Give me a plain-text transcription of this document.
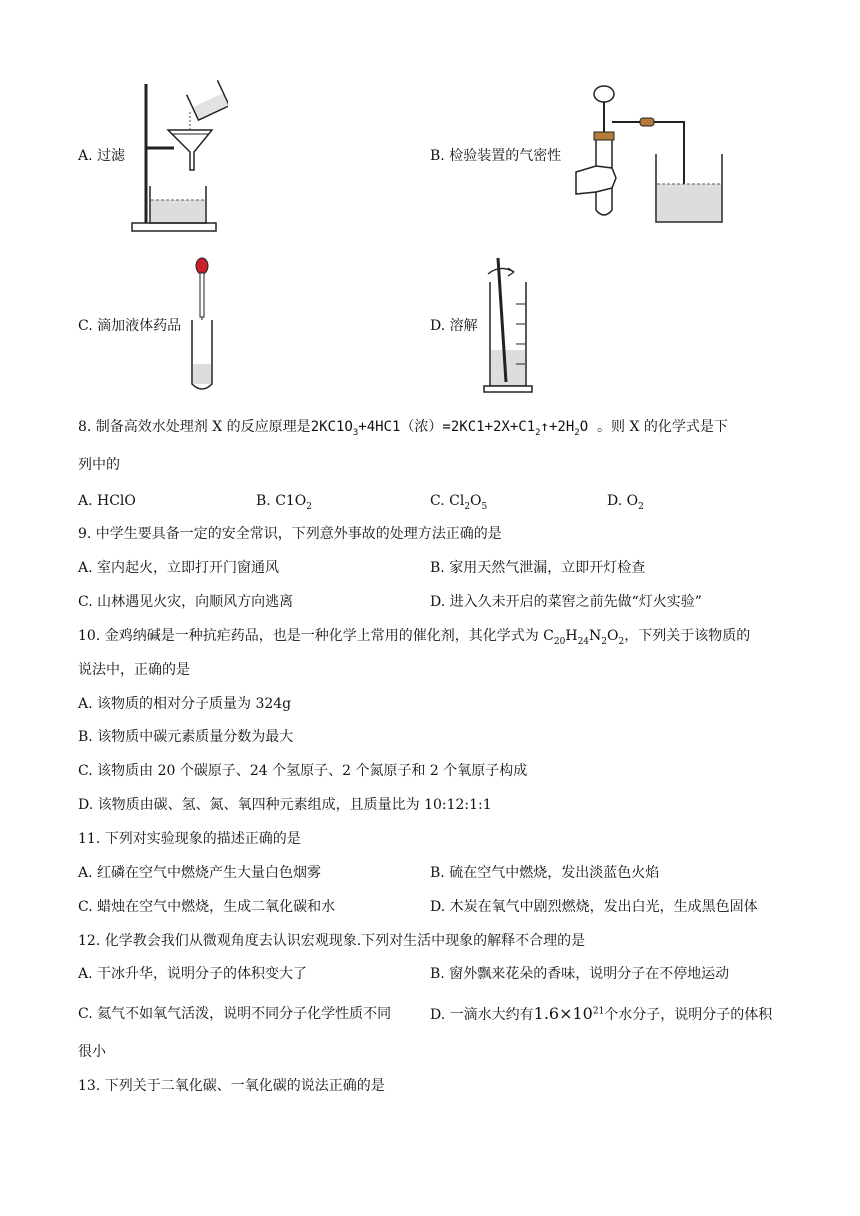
A. 过滤	B. 检验装置的气密性
C. 滴加液体药品	D. 溶解
8. 制备高效水处理剂 X 的反应原理是$2KC1O_3+4HC1$（浓）$=2KC1+2X+C1_2↑+2H_2O$ 。则 X 的化学式是下
列中的
A. HClO	B. $C1O_2$	C. $Cl_2O_5$	D. $O_2$
9. 中学生要具备一定的安全常识，下列意外事故的处理方法正确的是
A. 室内起火，立即打开门窗通风	B. 家用天然气泄漏，立即开灯检查
C. 山林遇见火灾，向顺风方向逃离	D. 进入久未开启的菜窖之前先做“灯火实验”
10. 金鸡纳碱是一种抗疟药品，也是一种化学上常用的催化剂，其化学式为 $C_{20}H_{24}N_2O_2$，下列关于该物质的
说法中，正确的是
A. 该物质的相对分子质量为 324g
B. 该物质中碳元素质量分数为最大
C. 该物质由 20 个碳原子、24 个氢原子、2 个氮原子和 2 个氧原子构成
D. 该物质由碳、氢、氮、氧四种元素组成，且质量比为 10:12:1:1
11. 下列对实验现象的描述正确的是
A. 红磷在空气中燃烧产生大量白色烟雾	B. 硫在空气中燃烧，发出淡蓝色火焰
C. 蜡烛在空气中燃烧，生成二氧化碳和水	D. 木炭在氧气中剧烈燃烧，发出白光，生成黑色固体
12. 化学教会我们从微观角度去认识宏观现象.下列对生活中现象的解释不合理的是
A. 干冰升华，说明分子的体积变大了	B. 窗外飘来花朵的香味，说明分子在不停地运动
C. 氦气不如氧气活泼，说明不同分子化学性质不同	D. 一滴水大约有$1.6\times 10^{21}$个水分子，说明分子的体积
很小
13. 下列关于二氧化碳、一氧化碳的说法正确的是
